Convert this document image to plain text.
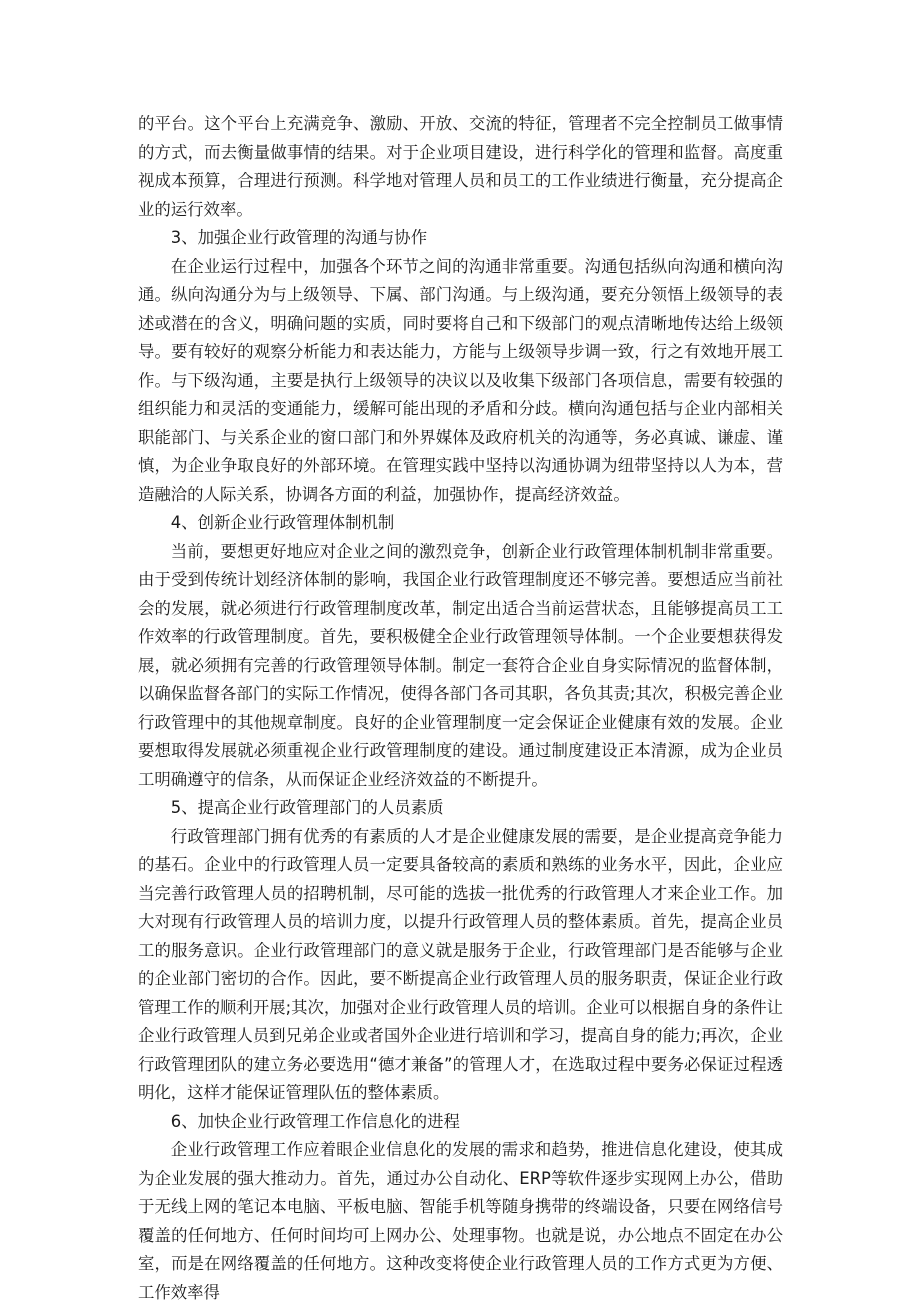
的平台。这个平台上充满竞争、激励、开放、交流的特征，管理者不完全控制员工做事情的方式，而去衡量做事情的结果。对于企业项目建设，进行科学化的管理和监督。高度重视成本预算，合理进行预测。科学地对管理人员和员工的工作业绩进行衡量，充分提高企业的运行效率。

3、加强企业行政管理的沟通与协作

在企业运行过程中，加强各个环节之间的沟通非常重要。沟通包括纵向沟通和横向沟通。纵向沟通分为与上级领导、下属、部门沟通。与上级沟通，要充分领悟上级领导的表述或潜在的含义，明确问题的实质，同时要将自己和下级部门的观点清晰地传达给上级领导。要有较好的观察分析能力和表达能力，方能与上级领导步调一致，行之有效地开展工作。与下级沟通，主要是执行上级领导的决议以及收集下级部门各项信息，需要有较强的组织能力和灵活的变通能力，缓解可能出现的矛盾和分歧。横向沟通包括与企业内部相关职能部门、与关系企业的窗口部门和外界媒体及政府机关的沟通等，务必真诚、谦虚、谨慎，为企业争取良好的外部环境。在管理实践中坚持以沟通协调为纽带坚持以人为本，营造融洽的人际关系，协调各方面的利益，加强协作，提高经济效益。

4、创新企业行政管理体制机制

当前，要想更好地应对企业之间的激烈竞争，创新企业行政管理体制机制非常重要。由于受到传统计划经济体制的影响，我国企业行政管理制度还不够完善。要想适应当前社会的发展，就必须进行行政管理制度改革，制定出适合当前运营状态，且能够提高员工工作效率的行政管理制度。首先，要积极健全企业行政管理领导体制。一个企业要想获得发展，就必须拥有完善的行政管理领导体制。制定一套符合企业自身实际情况的监督体制，以确保监督各部门的实际工作情况，使得各部门各司其职，各负其责;其次，积极完善企业行政管理中的其他规章制度。良好的企业管理制度一定会保证企业健康有效的发展。企业要想取得发展就必须重视企业行政管理制度的建设。通过制度建设正本清源，成为企业员工明确遵守的信条，从而保证企业经济效益的不断提升。

5、提高企业行政管理部门的人员素质

行政管理部门拥有优秀的有素质的人才是企业健康发展的需要，是企业提高竞争能力的基石。企业中的行政管理人员一定要具备较高的素质和熟练的业务水平，因此，企业应当完善行政管理人员的招聘机制，尽可能的选拔一批优秀的行政管理人才来企业工作。加大对现有行政管理人员的培训力度，以提升行政管理人员的整体素质。首先，提高企业员工的服务意识。企业行政管理部门的意义就是服务于企业，行政管理部门是否能够与企业的企业部门密切的合作。因此，要不断提高企业行政管理人员的服务职责，保证企业行政管理工作的顺利开展;其次，加强对企业行政管理人员的培训。企业可以根据自身的条件让企业行政管理人员到兄弟企业或者国外企业进行培训和学习，提高自身的能力;再次，企业行政管理团队的建立务必要选用“德才兼备”的管理人才，在选取过程中要务必保证过程透明化，这样才能保证管理队伍的整体素质。

6、加快企业行政管理工作信息化的进程

企业行政管理工作应着眼企业信息化的发展的需求和趋势，推进信息化建设，使其成为企业发展的强大推动力。首先，通过办公自动化、ERP等软件逐步实现网上办公，借助于无线上网的笔记本电脑、平板电脑、智能手机等随身携带的终端设备，只要在网络信号覆盖的任何地方、任何时间均可上网办公、处理事物。也就是说，办公地点不固定在办公室，而是在网络覆盖的任何地方。这种改变将使企业行政管理人员的工作方式更为方便、工作效率得
